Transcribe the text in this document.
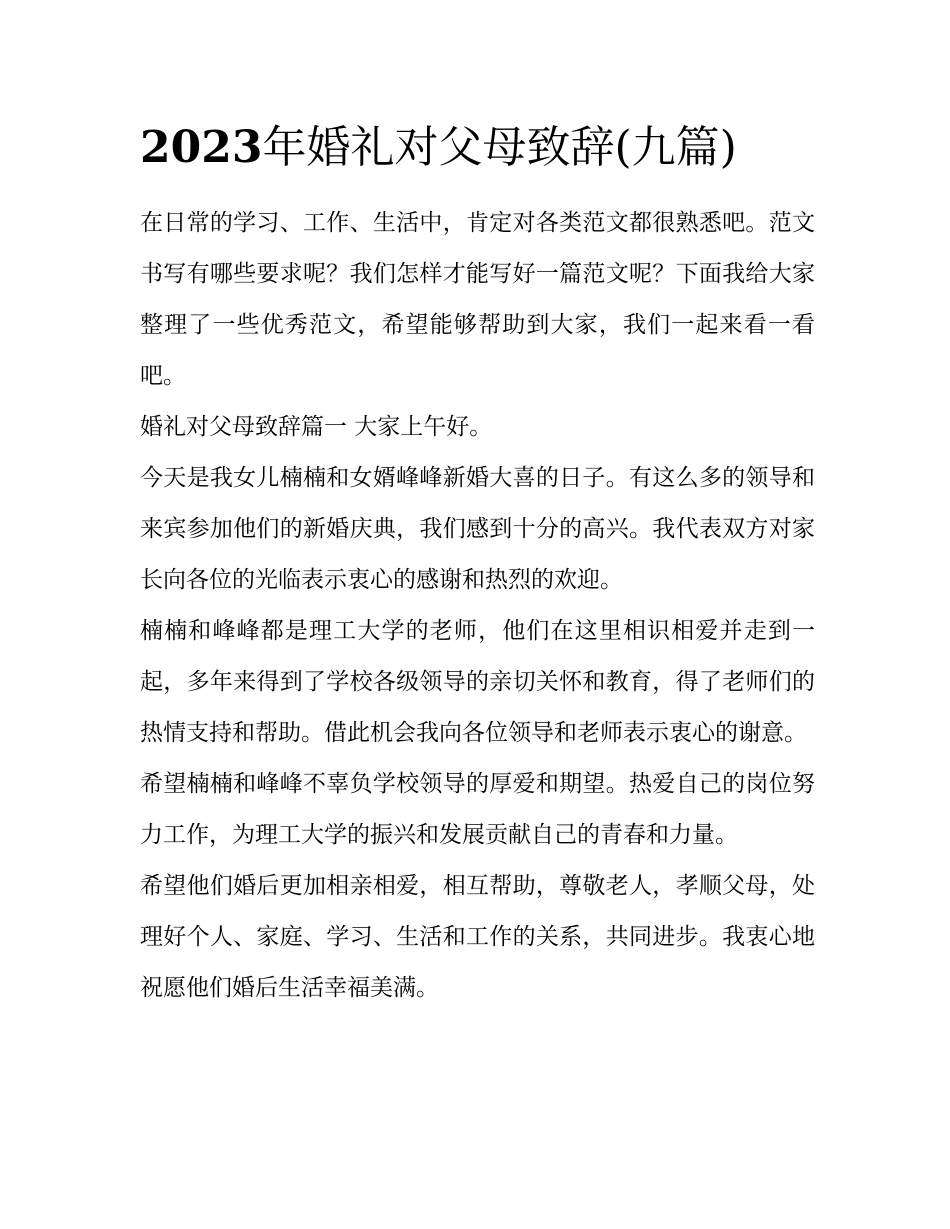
2023年婚礼对父母致辞(九篇)

在日常的学习、工作、生活中，肯定对各类范文都很熟悉吧。范文书写有哪些要求呢？我们怎样才能写好一篇范文呢？下面我给大家整理了一些优秀范文，希望能够帮助到大家，我们一起来看一看吧。

婚礼对父母致辞篇一 大家上午好。

今天是我女儿楠楠和女婿峰峰新婚大喜的日子。有这么多的领导和来宾参加他们的新婚庆典，我们感到十分的高兴。我代表双方对家长向各位的光临表示衷心的感谢和热烈的欢迎。

楠楠和峰峰都是理工大学的老师，他们在这里相识相爱并走到一起，多年来得到了学校各级领导的亲切关怀和教育，得了老师们的热情支持和帮助。借此机会我向各位领导和老师表示衷心的谢意。

希望楠楠和峰峰不辜负学校领导的厚爱和期望。热爱自己的岗位努力工作，为理工大学的振兴和发展贡献自己的青春和力量。

希望他们婚后更加相亲相爱，相互帮助，尊敬老人，孝顺父母，处理好个人、家庭、学习、生活和工作的关系，共同进步。我衷心地祝愿他们婚后生活幸福美满。
